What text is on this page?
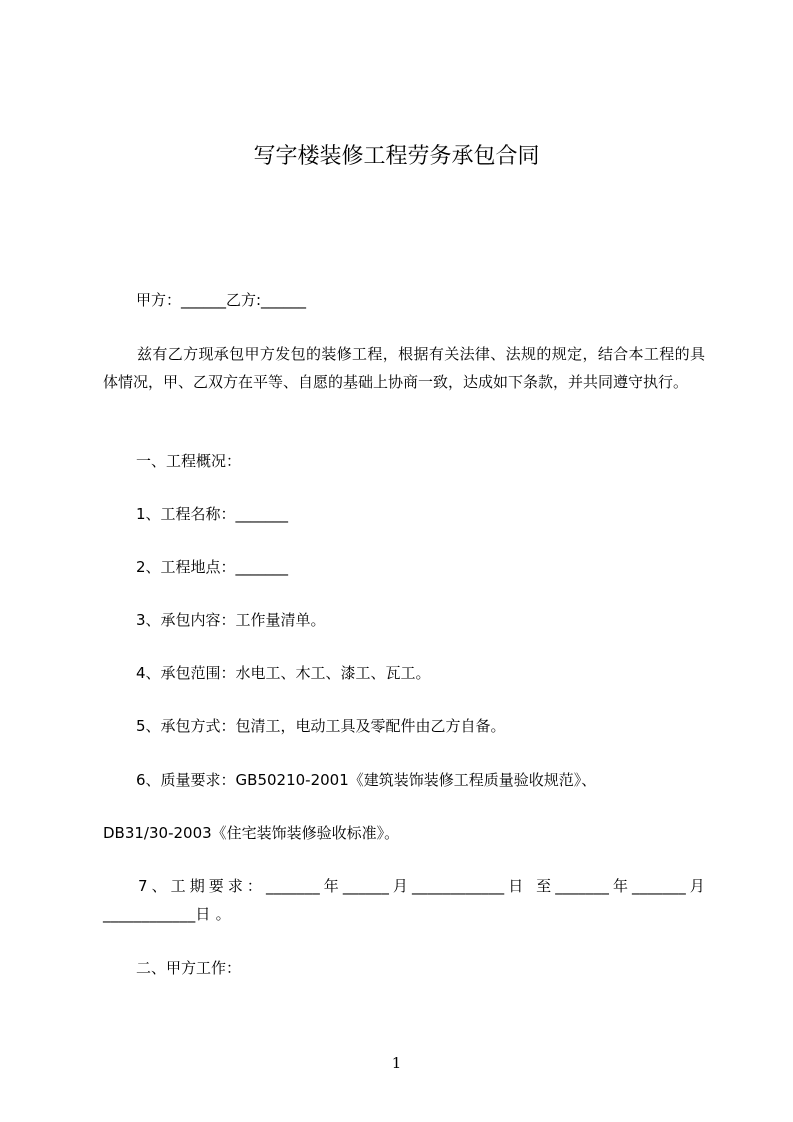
写字楼装修工程劳务承包合同

甲方：______乙方:______

兹有乙方现承包甲方发包的装修工程，根据有关法律、法规的规定，结合本工程的具体情况，甲、乙双方在平等、自愿的基础上协商一致，达成如下条款，并共同遵守执行。

一、工程概况：

1、工程名称：_______

2、工程地点：_______

3、承包内容：工作量清单。

4、承包范围：水电工、木工、漆工、瓦工。

5、承包方式：包清工，电动工具及零配件由乙方自备。

6、质量要求：GB50210-2001《建筑装饰装修工程质量验收规范》、

DB31/30-2003《住宅装饰装修验收标准》。

7、工期要求：_______年______月____________日 至_______年_______月____________日 。

二、甲方工作：

1
